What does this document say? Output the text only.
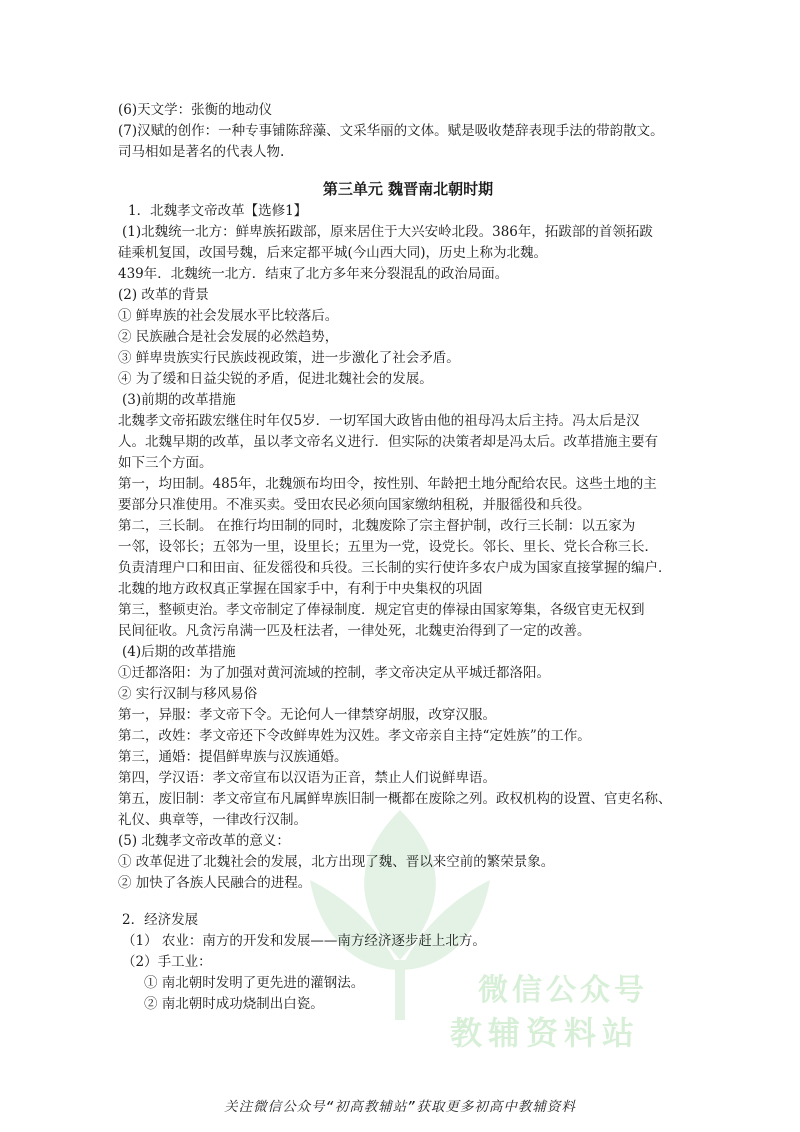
微信公众号
教辅资料站

(6)天文学：张衡的地动仪

(7)汉赋的创作：一种专事铺陈辞藻、文采华丽的文体。赋是吸收楚辞表现手法的带韵散文。

司马相如是著名的代表人物.

第三单元 魏晋南北朝时期

1．北魏孝文帝改革【选修1】

(1)北魏统一北方：鲜卑族拓跋部，原来居住于大兴安岭北段。386年，拓跋部的首领拓跋

硅乘机复国，改国号魏，后来定都平城(今山西大同)，历史上称为北魏。

439年．北魏统一北方．结束了北方多年来分裂混乱的政治局面。

(2) 改革的背景

① 鲜卑族的社会发展水平比较落后。

② 民族融合是社会发展的必然趋势，

③ 鲜卑贵族实行民族歧视政策，进一步激化了社会矛盾。

④ 为了缓和日益尖锐的矛盾，促进北魏社会的发展。

(3)前期的改革措施

北魏孝文帝拓跋宏继住时年仅5岁．一切军国大政皆由他的祖母冯太后主持。冯太后是汉

人。北魏早期的改革，虽以孝文帝名义进行．但实际的决策者却是冯太后。改革措施主要有

如下三个方面。

第一，均田制。485年，北魏颁布均田令，按性别、年龄把土地分配给农民。这些土地的主

要部分只准使用。不准买卖。受田农民必须向国家缴纳租税，并服徭役和兵役。

第二，三长制。 在推行均田制的同时，北魏废除了宗主督护制，改行三长制：以五家为

一邻，设邻长；五邻为一里，设里长；五里为一党，设党长。邻长、里长、党长合称三长．

负责清理户口和田亩、征发徭役和兵役。三长制的实行使许多农户成为国家直接掌握的编户．

北魏的地方政权真正掌握在国家手中，有利于中央集权的巩固

第三，整顿吏治。孝文帝制定了俸禄制度．规定官吏的俸禄由国家筹集，各级官吏无权到

民间征收。凡贪污帛满一匹及枉法者，一律处死，北魏吏治得到了一定的改善。

(4)后期的改革措施

①迁都洛阳：为了加强对黄河流域的控制，孝文帝决定从平城迁都洛阳。

② 实行汉制与移风易俗

第一，异服：孝文帝下令。无论何人一律禁穿胡服，改穿汉服。

第二，改姓：孝文帝还下令改鲜卑姓为汉姓。孝文帝亲自主持“定姓族”的工作。

第三，通婚：提倡鲜卑族与汉族通婚。

第四，学汉语：孝文帝宣布以汉语为正音，禁止人们说鲜卑语。

第五，废旧制：孝文帝宣布凡属鲜卑族旧制一概都在废除之列。政权机构的设置、官吏名称、

礼仪、典章等，一律改行汉制。

(5) 北魏孝文帝改革的意义：

① 改革促进了北魏社会的发展，北方出现了魏、晋以来空前的繁荣景象。

② 加快了各族人民融合的进程。

2．经济发展

（1） 农业：南方的开发和发展——南方经济逐步赶上北方。

（2）手工业：

① 南北朝时发明了更先进的灌钢法。

② 南北朝时成功烧制出白瓷。

关注微信公众号“初高教辅站”获取更多初高中教辅资料
